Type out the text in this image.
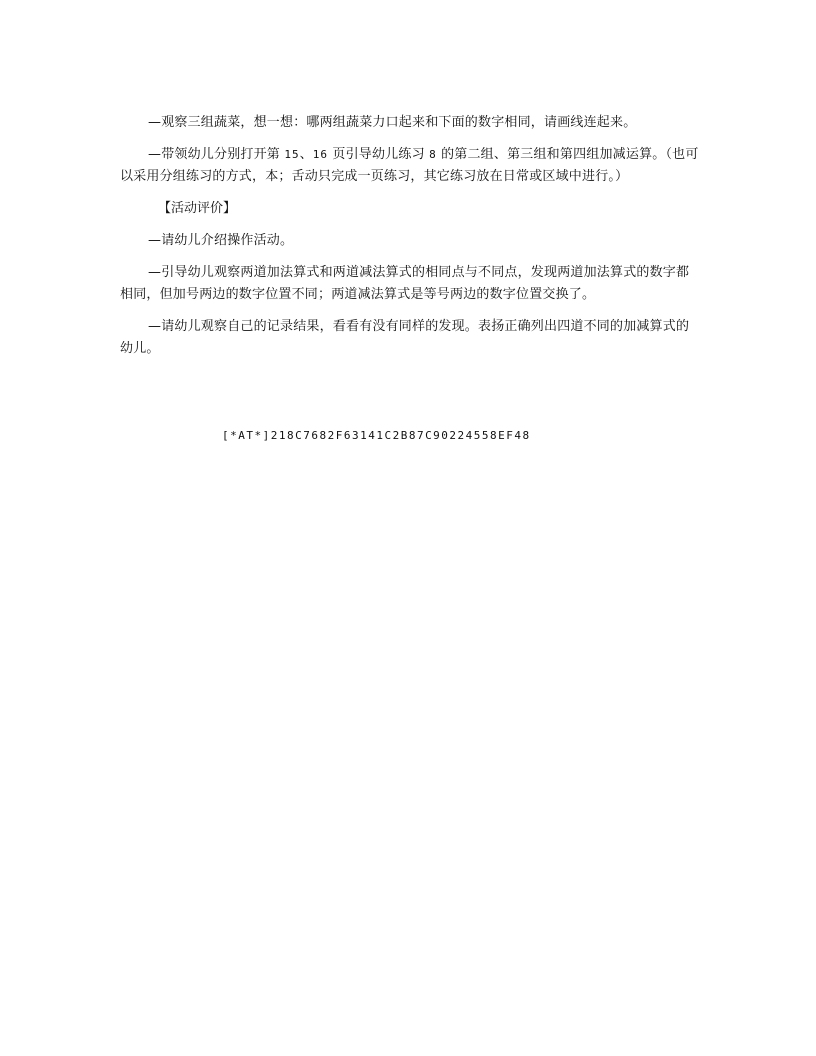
—观察三组蔬菜，想一想：哪两组蔬菜力口起来和下面的数字相同，请画线连起来。

—带领幼儿分别打开第 15、16 页引导幼儿练习 8 的第二组、第三组和第四组加减运算。（也可以采用分组练习的方式，本；舌动只完成一页练习，其它练习放在日常或区域中进行。）

【活动评价】

—请幼儿介绍操作活动。

—引导幼儿观察两道加法算式和两道减法算式的相同点与不同点，发现两道加法算式的数字都相同，但加号两边的数字位置不同；两道减法算式是等号两边的数字位置交换了。

—请幼儿观察自己的记录结果，看看有没有同样的发现。表扬正确列出四道不同的加减算式的幼儿。

[*AT*]218C7682F63141C2B87C90224558EF48
